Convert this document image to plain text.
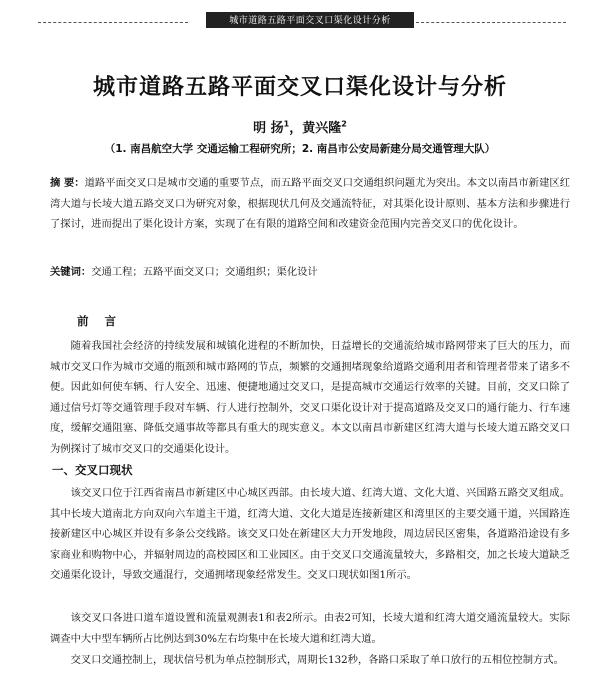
城市道路五路平面交叉口渠化设计分析
城市道路五路平面交叉口渠化设计与分析
明 扬$^1$，黄兴隆$^2$
（1. 南昌航空大学 交通运输工程研究所；2. 南昌市公安局新建分局交通管理大队）
摘 要：道路平面交叉口是城市交通的重要节点，而五路平面交叉口交通组织问题尤为突出。本文以南昌市新建区红湾大道与长堎大道五路交叉口为研究对象，根据现状几何及交通流特征，对其渠化设计原则、基本方法和步骤进行了探讨，进而提出了渠化设计方案，实现了在有限的道路空间和改建资金范围内完善交叉口的优化设计。
关键词：交通工程；五路平面交叉口；交通组织；渠化设计
前 言
随着我国社会经济的持续发展和城镇化进程的不断加快，日益增长的交通流给城市路网带来了巨大的压力，而城市交叉口作为城市交通的瓶颈和城市路网的节点，频繁的交通拥堵现象给道路交通利用者和管理者带来了诸多不便。因此如何使车辆、行人安全、迅速、便捷地通过交叉口，是提高城市交通运行效率的关键。目前，交叉口除了通过信号灯等交通管理手段对车辆、行人进行控制外，交叉口渠化设计对于提高道路及交叉口的通行能力、行车速度，缓解交通阻塞、降低交通事故等都具有重大的现实意义。本文以南昌市新建区红湾大道与长堎大道五路交叉口为例探讨了城市交叉口的交通渠化设计。
一、交叉口现状
该交叉口位于江西省南昌市新建区中心城区西部。由长堎大道、红湾大道、文化大道、兴国路五路交叉组成。其中长堎大道南北方向双向六车道主干道，红湾大道、文化大道是连接新建区和湾里区的主要交通干道，兴国路连接新建区中心城区并设有多条公交线路。该交叉口处在新建区大力开发地段，周边居民区密集，各道路沿途设有多家商业和购物中心，并辐射周边的高校园区和工业园区。由于交叉口交通流量较大，多路相交，加之长堎大道缺乏交通渠化设计，导致交通混行，交通拥堵现象经常发生。交叉口现状如图1所示。
该交叉口各进口道车道设置和流量观测表1和表2所示。由表2可知，长堎大道和红湾大道交通流量较大。实际调查中大中型车辆所占比例达到30%左右均集中在长堎大道和红湾大道。
交叉口交通控制上，现状信号机为单点控制形式，周期长132秒，各路口采取了单口放行的五相位控制方式。
